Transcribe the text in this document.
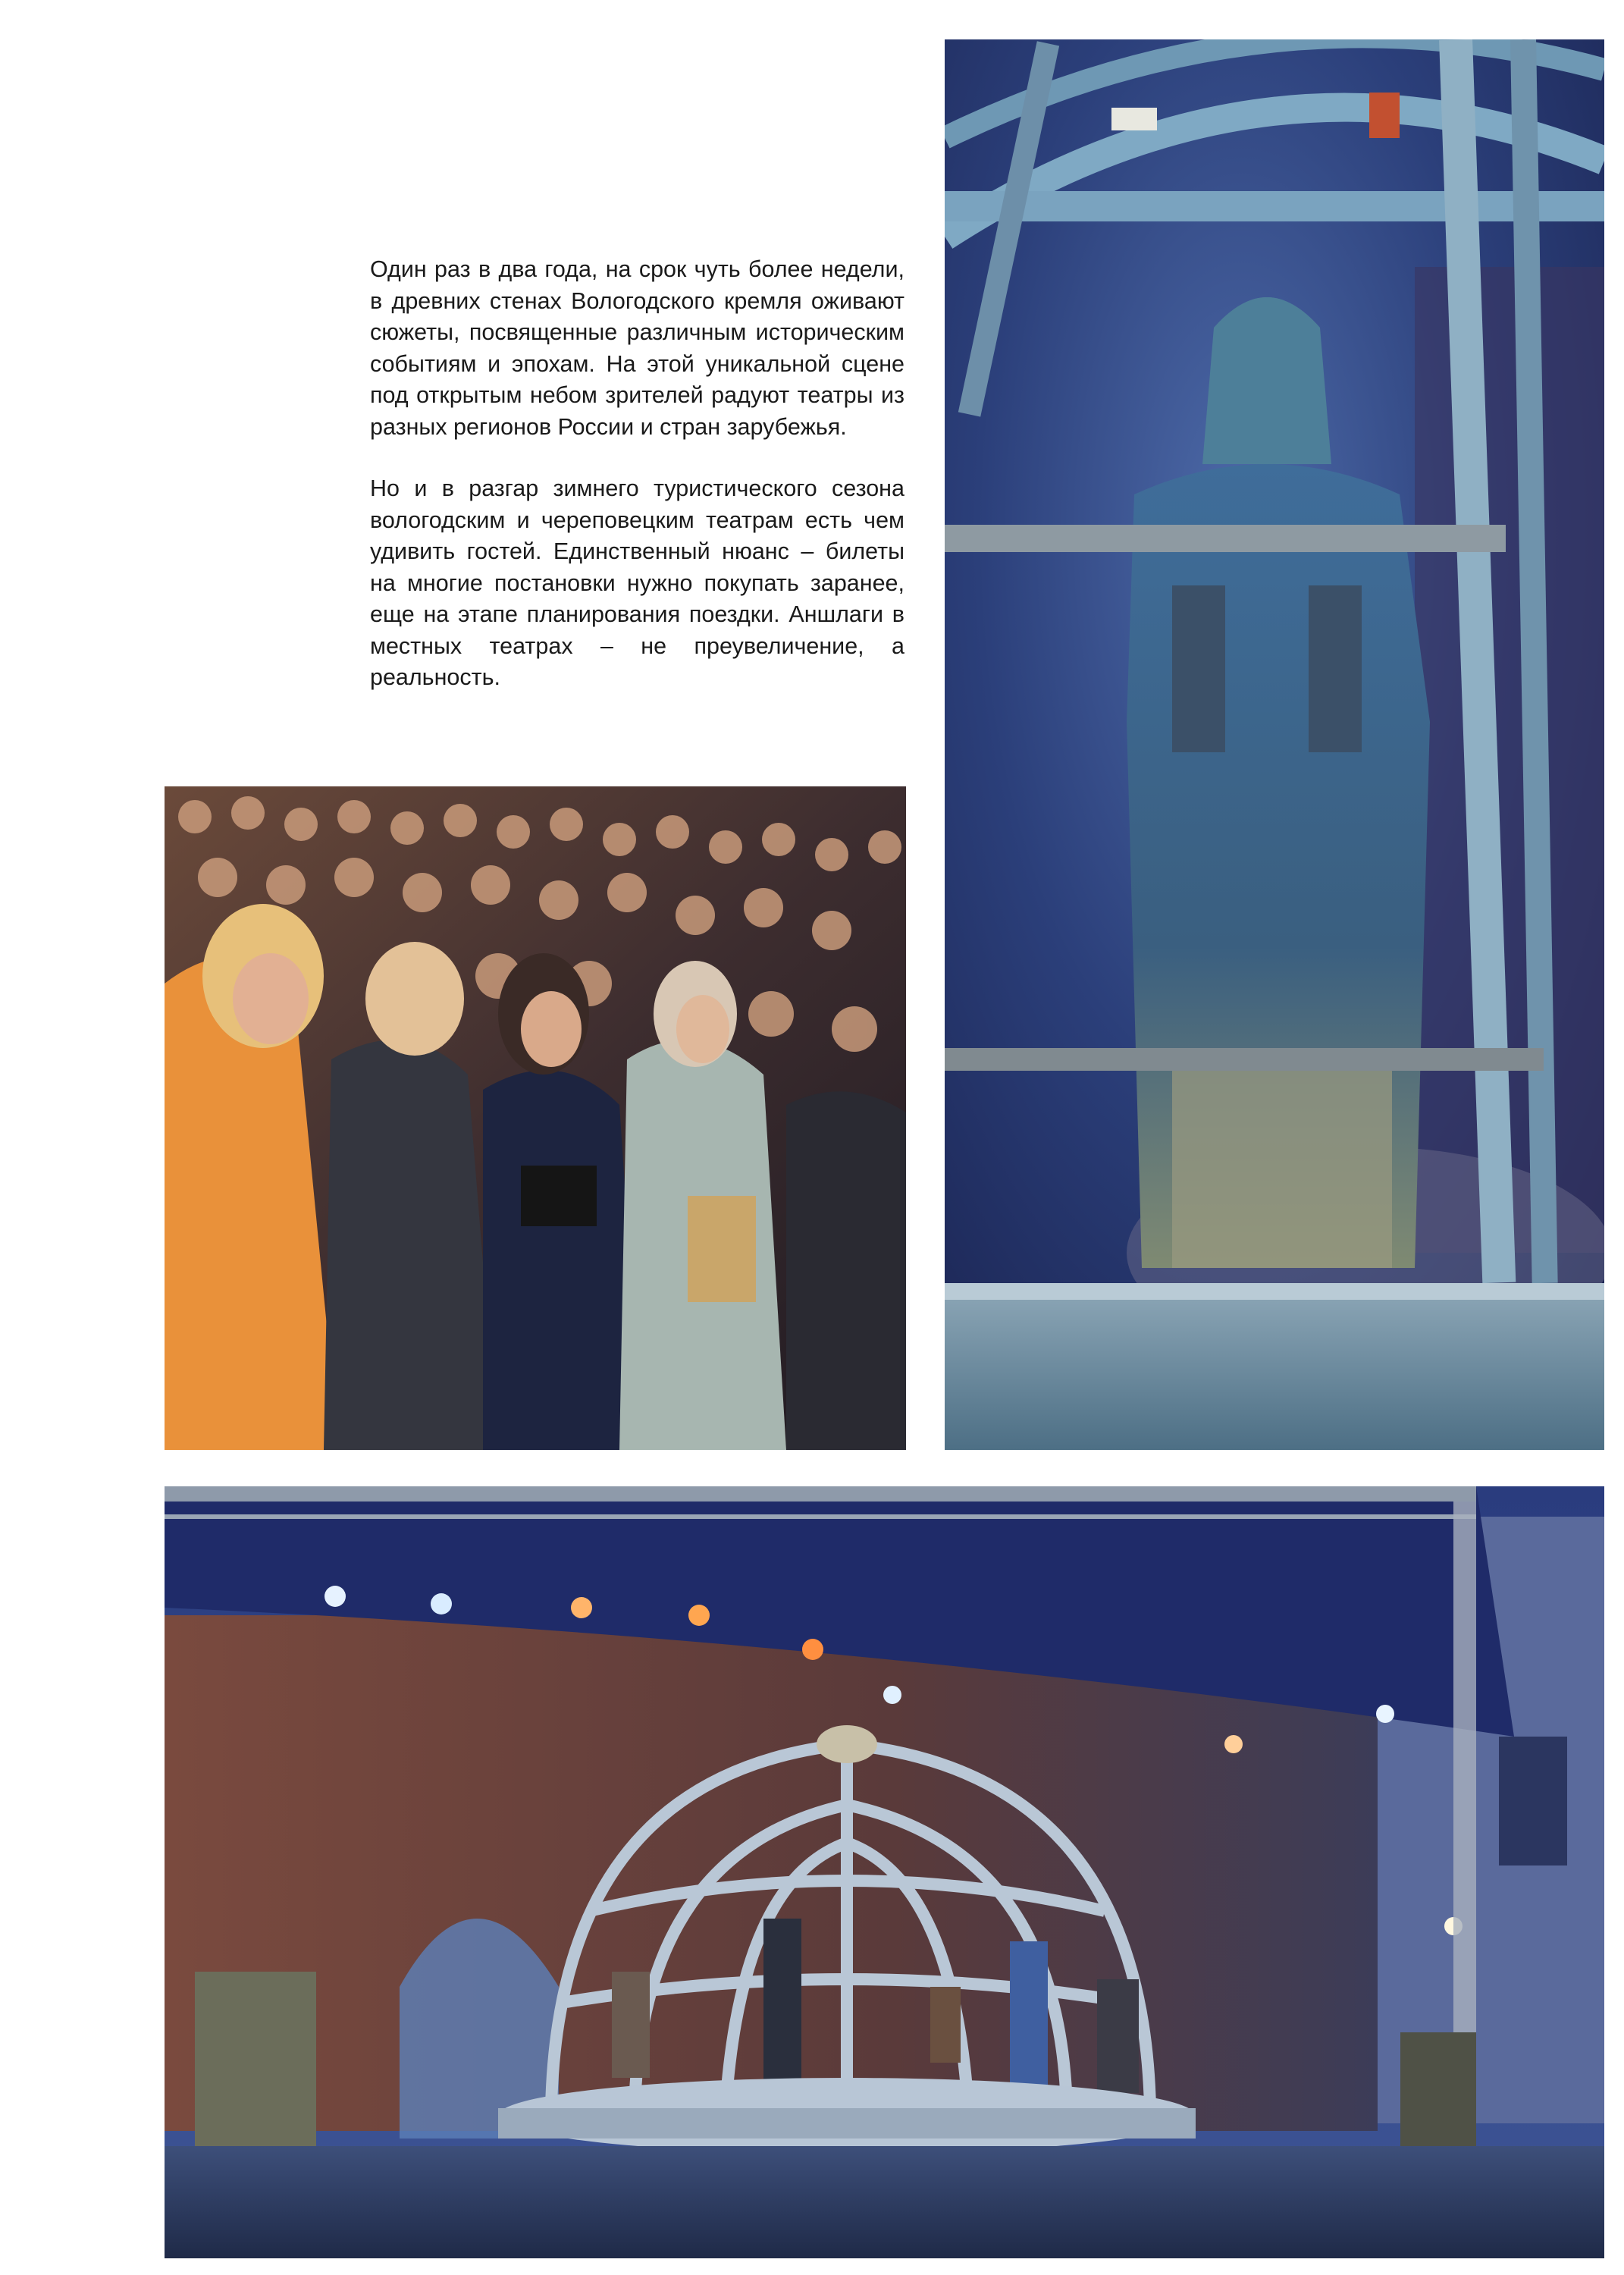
Один раз в два года, на срок чуть более недели, в древних стенах Вологодского кремля оживают сюжеты, посвященные различным историческим событиям и эпохам. На этой уникальной сцене под открытым небом зрителей радуют театры из разных регионов России и стран зарубежья.

Но и в разгар зимнего туристического сезона вологодским и череповецким театрам есть чем удивить гостей. Единственный нюанс – билеты на многие постановки нужно покупать заранее, еще на этапе планирования поездки. Аншлаги в местных театрах – не преувеличение, а реальность.
